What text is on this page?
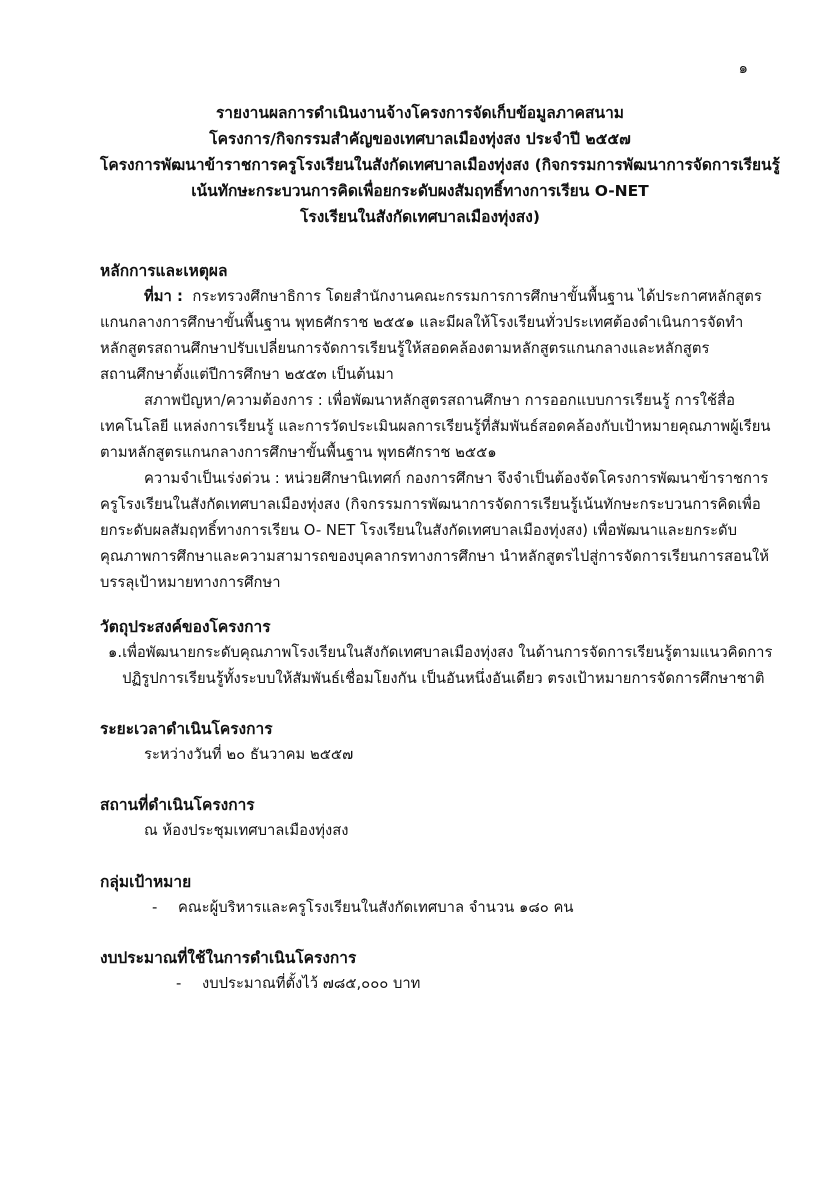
๑
รายงานผลการดำเนินงานจ้างโครงการจัดเก็บข้อมูลภาคสนาม
โครงการ/กิจกรรมสำคัญของเทศบาลเมืองทุ่งสง ประจำปี ๒๕๕๗
โครงการพัฒนาข้าราชการครูโรงเรียนในสังกัดเทศบาลเมืองทุ่งสง (กิจกรรมการพัฒนาการจัดการเรียนรู้
เน้นทักษะกระบวนการคิดเพื่อยกระดับผงสัมฤทธิ์ทางการเรียน O-NET
โรงเรียนในสังกัดเทศบาลเมืองทุ่งสง)
หลักการและเหตุผล
ที่มา : กระทรวงศึกษาธิการ โดยสำนักงานคณะกรรมการการศึกษาขั้นพื้นฐาน ได้ประกาศหลักสูตร
แกนกลางการศึกษาขั้นพื้นฐาน พุทธศักราช ๒๕๕๑ และมีผลให้โรงเรียนทั่วประเทศต้องดำเนินการจัดทำ
หลักสูตรสถานศึกษาปรับเปลี่ยนการจัดการเรียนรู้ให้สอดคล้องตามหลักสูตรแกนกลางและหลักสูตร
สถานศึกษาตั้งแต่ปีการศึกษา ๒๕๕๓ เป็นต้นมา
สภาพปัญหา/ความต้องการ : เพื่อพัฒนาหลักสูตรสถานศึกษา การออกแบบการเรียนรู้ การใช้สื่อ
เทคโนโลยี แหล่งการเรียนรู้ และการวัดประเมินผลการเรียนรู้ที่สัมพันธ์สอดคล้องกับเป้าหมายคุณภาพผู้เรียน
ตามหลักสูตรแกนกลางการศึกษาขั้นพื้นฐาน พุทธศักราช ๒๕๕๑
ความจำเป็นเร่งด่วน : หน่วยศึกษานิเทศก์ กองการศึกษา จึงจำเป็นต้องจัดโครงการพัฒนาข้าราชการ
ครูโรงเรียนในสังกัดเทศบาลเมืองทุ่งสง (กิจกรรมการพัฒนาการจัดการเรียนรู้เน้นทักษะกระบวนการคิดเพื่อ
ยกระดับผลสัมฤทธิ์ทางการเรียน O- NET โรงเรียนในสังกัดเทศบาลเมืองทุ่งสง) เพื่อพัฒนาและยกระดับ
คุณภาพการศึกษาและความสามารถของบุคลากรทางการศึกษา นำหลักสูตรไปสู่การจัดการเรียนการสอนให้
บรรลุเป้าหมายทางการศึกษา
วัตถุประสงค์ของโครงการ
๑. เพื่อพัฒนายกระดับคุณภาพโรงเรียนในสังกัดเทศบาลเมืองทุ่งสง ในด้านการจัดการเรียนรู้ตามแนวคิดการ
ปฏิรูปการเรียนรู้ทั้งระบบให้สัมพันธ์เชื่อมโยงกัน เป็นอันหนึ่งอันเดียว ตรงเป้าหมายการจัดการศึกษาชาติ
ระยะเวลาดำเนินโครงการ
ระหว่างวันที่ ๒๐ ธันวาคม ๒๕๕๗
สถานที่ดำเนินโครงการ
ณ ห้องประชุมเทศบาลเมืองทุ่งสง
กลุ่มเป้าหมาย
- คณะผู้บริหารและครูโรงเรียนในสังกัดเทศบาล จำนวน ๑๘๐ คน
งบประมาณที่ใช้ในการดำเนินโครงการ
- งบประมาณที่ตั้งไว้ ๗๘๕,๐๐๐ บาท
